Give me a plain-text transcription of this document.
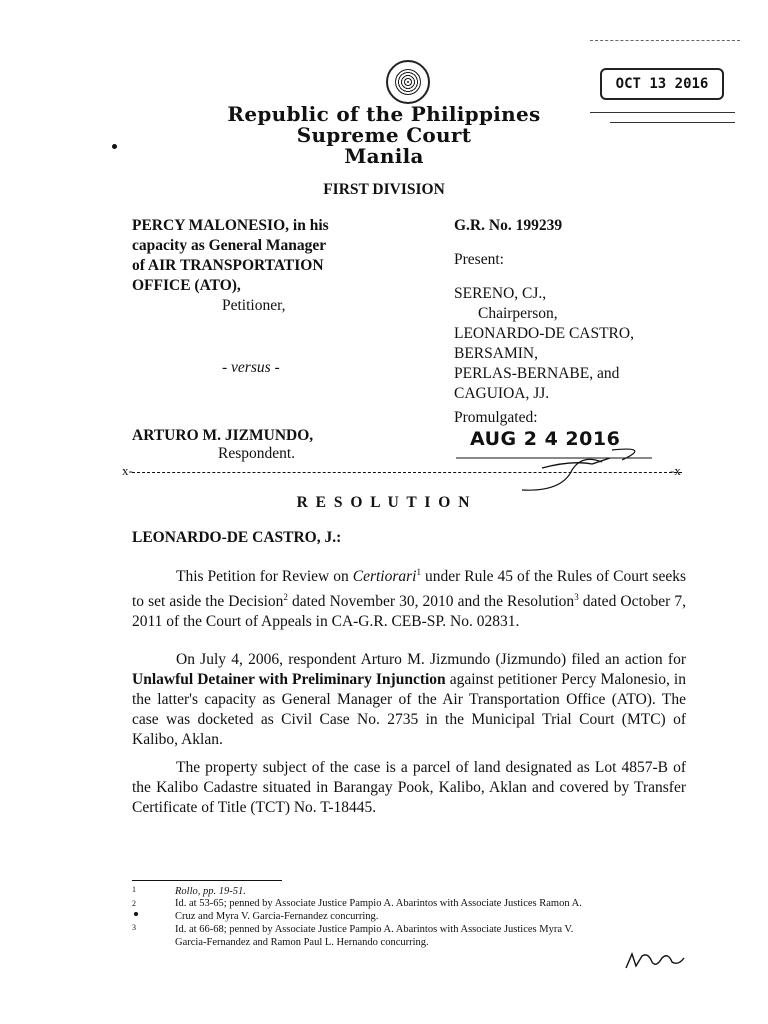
OCT 13 2016
Republic of the Philippines
Supreme Court
Manila
FIRST DIVISION
PERCY MALONESIO, in his
capacity as General Manager
of AIR TRANSPORTATION
OFFICE (ATO),
Petitioner,
- versus -
ARTURO M. JIZMUNDO,
Respondent.
G.R. No. 199239
Present:
SERENO, CJ.,
Chairperson,
LEONARDO-DE CASTRO,
BERSAMIN,
PERLAS-BERNABE, and
CAGUIOA, JJ.
Promulgated:
AUG 2 4 2016
x-	-x
R E S O L U T I O N
LEONARDO-DE CASTRO, J.:
This Petition for Review on Certiorari$^1$ under Rule 45 of the Rules of Court seeks to set aside the Decision$^2$ dated November 30, 2010 and the Resolution$^3$ dated October 7, 2011 of the Court of Appeals in CA-G.R. CEB-SP. No. 02831.
On July 4, 2006, respondent Arturo M. Jizmundo (Jizmundo) filed an action for Unlawful Detainer with Preliminary Injunction against petitioner Percy Malonesio, in the latter's capacity as General Manager of the Air Transportation Office (ATO). The case was docketed as Civil Case No. 2735 in the Municipal Trial Court (MTC) of Kalibo, Aklan.
The property subject of the case is a parcel of land designated as Lot 4857-B of the Kalibo Cadastre situated in Barangay Pook, Kalibo, Aklan and covered by Transfer Certificate of Title (TCT) No. T-18445.
1	Rollo, pp. 19-51.
2	Id. at 53-65; penned by Associate Justice Pampio A. Abarintos with Associate Justices Ramon A.
Cruz and Myra V. Garcia-Fernandez concurring.
3	Id. at 66-68; penned by Associate Justice Pampio A. Abarintos with Associate Justices Myra V.
Garcia-Fernandez and Ramon Paul L. Hernando concurring.
